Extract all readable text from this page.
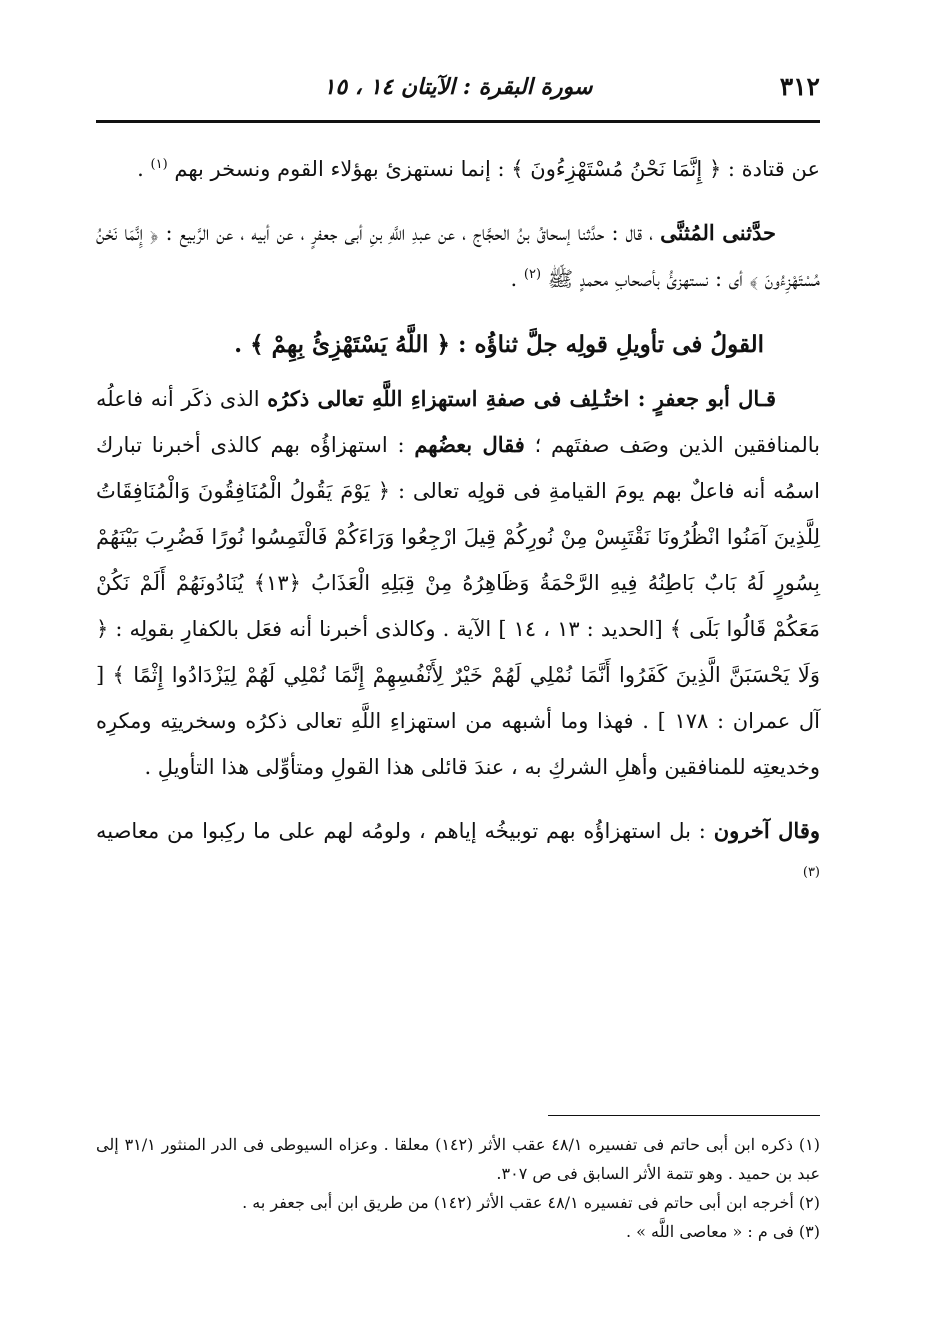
٣١٢
سورة البقرة : الآيتان ١٤ ، ١٥

عن قتادة : ﴿ إِنَّمَا نَحْنُ مُسْتَهْزِءُونَ ﴾ : إنما نستهزئ بهؤلاء القوم ونسخر بهم $^{(١)}$ .

حدَّثنى المُثنَّى ، قال : حدَّثنا إسحاقُ بنُ الحجَّاج ، عن عبدِ اللَّهِ بنِ أبى جعفرٍ ، عن أبيه ، عن الرَّبيع : ﴿ إِنَّمَا نَحْنُ مُسْتَهْزِءُونَ ﴾ أى : نستهزئُ بأصحابِ محمدٍ ﷺ $^{(٢)}$ .

القولُ فى تأويلِ قولِه جلَّ ثناؤُه : ﴿ اللَّهُ يَسْتَهْزِئُ بِهِمْ ﴾ .

قـال أبو جعفرٍ : اختُـلِف فى صفةِ استهزاءِ اللَّهِ تعالى ذكرُه الذى ذكَر أنه فاعلُه بالمنافقين الذين وصَف صفتَهم ؛ فقال بعضُهم : استهزاؤُه بهم كالذى أخبرنا تبارك اسمُه أنه فاعلٌ بهم يومَ القيامةِ فى قولِه تعالى : ﴿ يَوْمَ يَقُولُ الْمُنَافِقُونَ وَالْمُنَافِقَاتُ لِلَّذِينَ آمَنُوا انْظُرُونَا نَقْتَبِسْ مِنْ نُورِكُمْ قِيلَ ارْجِعُوا وَرَاءَكُمْ فَالْتَمِسُوا نُورًا فَضُرِبَ بَيْنَهُمْ بِسُورٍ لَهُ بَابٌ بَاطِنُهُ فِيهِ الرَّحْمَةُ وَظَاهِرُهُ مِنْ قِبَلِهِ الْعَذَابُ ﴿١٣﴾ يُنَادُونَهُمْ أَلَمْ نَكُنْ مَعَكُمْ قَالُوا بَلَى ﴾ [الحديد : ١٣ ، ١٤ ] الآية . وكالذى أخبرنا أنه فعَل بالكفارِ بقولِه : ﴿ وَلَا يَحْسَبَنَّ الَّذِينَ كَفَرُوا أَنَّمَا نُمْلِي لَهُمْ خَيْرٌ لِأَنْفُسِهِمْ إِنَّمَا نُمْلِي لَهُمْ لِيَزْدَادُوا إِثْمًا ﴾ [ آل عمران : ١٧٨ ] . فهذا وما أشبهه من استهزاءِ اللَّهِ تعالى ذكرُه وسخريتِه ومكرِه وخديعتِه للمنافقين وأهلِ الشركِ به ، عندَ قائلى هذا القولِ ومتأوِّلى هذا التأويلِ .

وقال آخرون : بل استهزاؤُه بهم توبيخُه إياهم ، ولومُه لهم على ما ركِبوا من معاصيه $^{(٣)}$

(١) ذكره ابن أبى حاتم فى تفسيره ٤٨/١ عقب الأثر (١٤٢) معلقا . وعزاه السيوطى فى الدر المنثور ٣١/١ إلى عبد بن حميد . وهو تتمة الأثر السابق فى ص ٣٠٧.

(٢) أخرجه ابن أبى حاتم فى تفسيره ٤٨/١ عقب الأثر (١٤٢) من طريق ابن أبى جعفر به .

(٣) فى م : « معاصى اللَّه » .
